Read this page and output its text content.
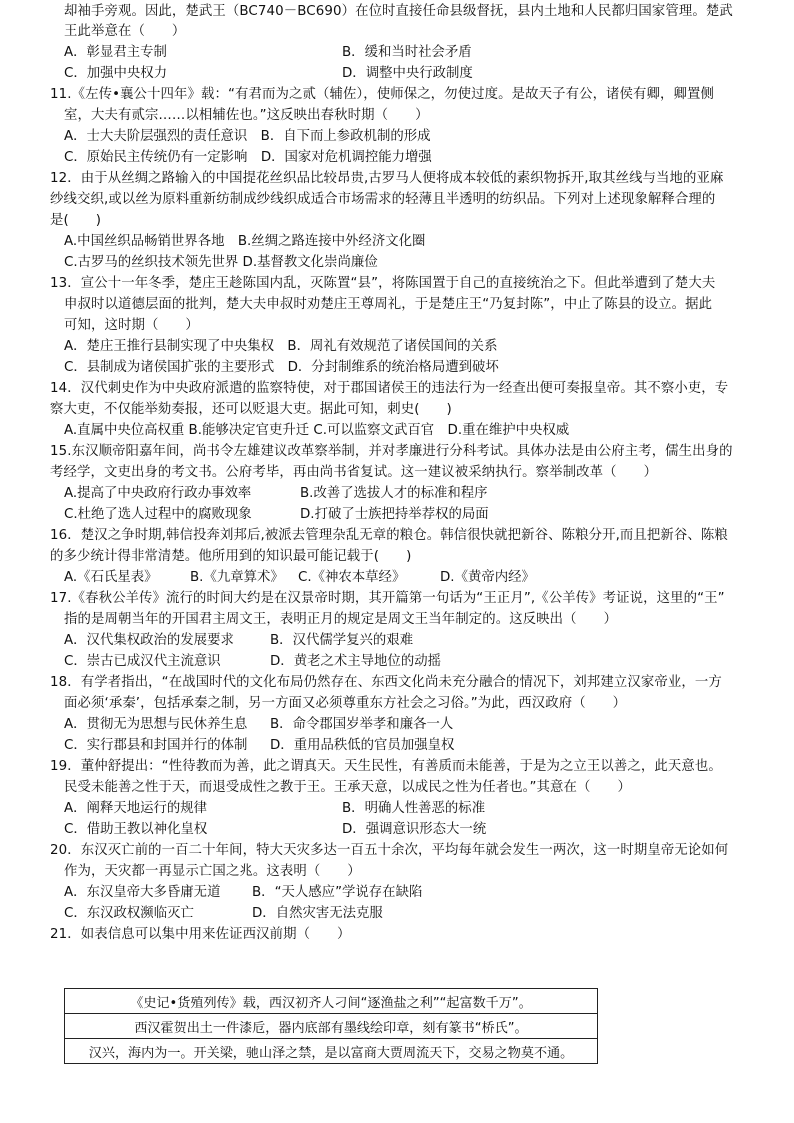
却袖手旁观。因此，楚武王（BC740－BC690）在位时直接任命县级督抚，县内土地和人民都归国家管理。楚武
王此举意在（　　）
A．彰显君主专制	B．缓和当时社会矛盾
C．加强中央权力	D．调整中央行政制度
11.《左传•襄公十四年》载：“有君而为之贰（辅佐），使师保之，勿使过度。是故天子有公，诸侯有卿，卿置侧
室，大夫有贰宗……以相辅佐也。”这反映出春秋时期（　　）
A．士大夫阶层强烈的责任意识　B．自下而上参政机制的形成
C．原始民主传统仍有一定影响　D．国家对危机调控能力增强
12．由于从丝绸之路输入的中国提花丝织品比较昂贵,古罗马人便将成本较低的素织物拆开,取其丝线与当地的亚麻
纱线交织,或以丝为原料重新纺制成纱线织成适合市场需求的轻薄且半透明的纺织品。下列对上述现象解释合理的
是(　　)
A.中国丝织品畅销世界各地　B.丝绸之路连接中外经济文化圈
C.古罗马的丝织技术领先世界 D.基督教文化崇尚廉俭
13．宣公十一年冬季，楚庄王趁陈国内乱，灭陈置“县”，将陈国置于自己的直接统治之下。但此举遭到了楚大夫
申叔时以道德层面的批判，楚大夫申叔时劝楚庄王尊周礼，于是楚庄王“乃复封陈”，中止了陈县的设立。据此
可知，这时期（　　）
A．楚庄王推行县制实现了中央集权　B．周礼有效规范了诸侯国间的关系
C．县制成为诸侯国扩张的主要形式　D．分封制维系的统治格局遭到破坏
14．汉代刺史作为中央政府派遣的监察特使，对于郡国诸侯王的违法行为一经查出便可奏报皇帝。其不察小吏，专
察大吏，不仅能举劾奏报，还可以贬退大吏。据此可知，刺史(　　)
A.直属中央位高权重 B.能够决定官吏升迁 C.可以监察文武百官　D.重在维护中央权威
15.东汉顺帝阳嘉年间，尚书令左雄建议改革察举制，并对孝廉进行分科考试。具体办法是由公府主考，儒生出身的
考经学，文吏出身的考文书。公府考毕，再由尚书省复试。这一建议被采纳执行。察举制改革（　　）
A.提高了中央政府行政办事效率	B.改善了选拔人才的标准和程序
C.杜绝了选人过程中的腐败现象	D.打破了士族把持举荐权的局面
16．楚汉之争时期,韩信投奔刘邦后,被派去管理杂乱无章的粮仓。韩信很快就把新谷、陈粮分开,而且把新谷、陈粮
的多少统计得非常清楚。他所用到的知识最可能记载于(　　)
A.《石氏星表》 B.《九章算术》 C.《神农本草经》	D.《黄帝内经》
17.《春秋公羊传》流行的时间大约是在汉景帝时期，其开篇第一句话为“王正月”,《公羊传》考证说，这里的“王”
指的是周朝当年的开国君主周文王，表明正月的规定是周文王当年制定的。这反映出（　　）
A．汉代集权政治的发展要求	B．汉代儒学复兴的艰难
C．崇古已成汉代主流意识	D．黄老之术主导地位的动摇
18．有学者指出，“在战国时代的文化布局仍然存在、东西文化尚未充分融合的情况下，刘邦建立汉家帝业，一方
面必须‘承秦’，包括承秦之制，另一方面又必须尊重东方社会之习俗。”为此，西汉政府（　　）
A．贯彻无为思想与民休养生息 B．命令郡国岁举孝和廉各一人
C．实行郡县和封国并行的体制 D．重用品秩低的官员加强皇权
19．董仲舒提出：“性待教而为善，此之谓真天。天生民性，有善质而未能善，于是为之立王以善之，此天意也。
民受未能善之性于天，而退受成性之教于王。王承天意，以成民之性为任者也。”其意在（　　）
A．阐释天地运行的规律	B．明确人性善恶的标准
C．借助王教以神化皇权	D．强调意识形态大一统
20．东汉灭亡前的一百二十年间，特大天灾多达一百五十余次，平均每年就会发生一两次，这一时期皇帝无论如何
作为，天灾都一再显示亡国之兆。这表明（　　）
A．东汉皇帝大多昏庸无道 B．“天人感应”学说存在缺陷
C．东汉政权濒临灭亡	D．自然灾害无法克服
21．如表信息可以集中用来佐证西汉前期（　　）
《史记•货殖列传》载，西汉初齐人刁间“逐渔盐之利”“起富数千万”。
西汉霍贺出土一件漆卮，器内底部有墨线绘印章，刻有篆书“桥氏”。
汉兴，海内为一。开关梁，驰山泽之禁，是以富商大贾周流天下，交易之物莫不通。
